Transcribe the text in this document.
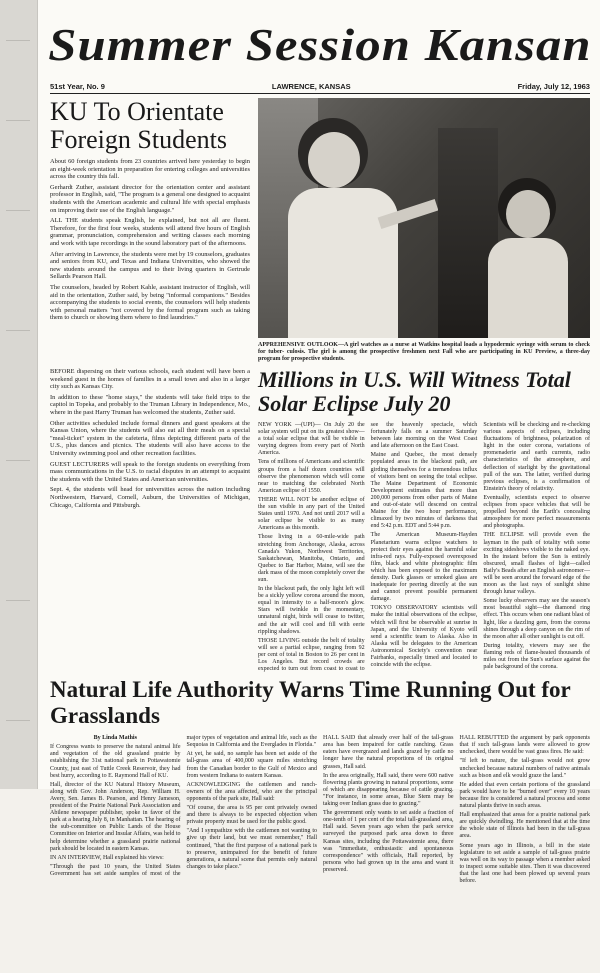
Summer Session Kansan
51st Year, No. 9	LAWRENCE, KANSAS	Friday, July 12, 1963
KU To Orientate Foreign Students

About 60 foreign students from 23 countries arrived here yesterday to begin an eight-week orientation in preparation for entering colleges and universities across the country this fall.

Gerhardt Zuther, assistant director for the orientation center and assistant professor in English, said, "The program is a general one designed to acquaint students with the American academic and cultural life with special emphasis on improving their use of the English language."

ALL THE students speak English, he explained, but not all are fluent. Therefore, for the first four weeks, students will attend five hours of English grammar, pronunciation, comprehension and writing classes each morning and work with tape recordings in the sound laboratory part of the afternoons.

After arriving in Lawrence, the students were met by 19 counselors, graduates and seniors from KU, and Texas and Indiana Universities, who showed the new students around the campus and to their living quarters in Gertrude Sellards Pearson Hall.

The counselors, headed by Robert Kahle, assistant instructor of English, will aid in the orientation, Zuther said, by being "informal companions." Besides accompanying the students to social events, the counselors will help students with personal matters "not covered by the formal program such as taking them to church or showing them where to find laundries."

APPREHENSIVE OUTLOOK—A girl watches as a nurse at Watkins hospital loads a hypodermic syringe with serum to check for tuber- culosis. The girl is among the prospective freshmen next Fall who are participating in KU Preview, a three-day program for prospective students.

BEFORE dispersing on their various schools, each student will have been a weekend guest in the homes of families in a small town and also in a larger city such as Kansas City.

In addition to these "home stays," the students will take field trips to the capitol in Topeka, and probably to the Truman Library in Independence, Mo., where in the past Harry Truman has welcomed the students, Zuther said.

Other activities scheduled include formal dinners and guest speakers at the Kansas Union, where the students will also eat all their meals on a special "meal-ticket" system in the cafeteria, films depicting different parts of the U.S., plus dances and picnics. The students will also have access to the University swimming pool and other recreation facilities.

GUEST LECTURERS will speak to the foreign students on everything from mass communications in the U.S. to racial disputes in an attempt to acquaint the students with the United States and American universities.

Sept. 4, the students will head for universities across the nation including Northwestern, Harvard, Cornell, Auburn, the Universities of Michigan, Chicago, California and Pittsburgh.

Millions in U.S. Will Witness Total Solar Eclipse July 20

NEW YORK —(UPI)— On July 20 the solar system will put on its greatest show—a total solar eclipse that will be visible in varying degrees from every part of North America.

Tens of millions of Americans and scientific groups from a half dozen countries will observe the phenomenon which will come near to matching the celebrated North American eclipse of 1550.

THERE WILL NOT be another eclipse of the sun visible in any part of the United States until 1970. And not until 2017 will a solar eclipse be visible to as many Americans as this month.

Those living in a 60-mile-wide path stretching from Anchorage, Alaska, across Canada's Yukon, Northwest Territories, Saskatchewan, Manitoba, Ontario, and Quebec to Bar Harbor, Maine, will see the dark mass of the moon completely cover the sun.

In the blackout path, the only light left will be a sickly yellow corona around the moon, equal in intensity to a half-moon's glow. Stars will twinkle in the momentary, unnatural night, birds will cease to twitter, and the air will cool and fill with eerie rippling shadows.

THOSE LIVING outside the belt of totality will see a partial eclipse, ranging from 92 per cent of total in Boston to 26 per cent in Los Angeles. But record crowds are expected to turn out from coast to coast to see the heavenly spectacle, which fortunately falls on a summer Saturday between late morning on the West Coast and late afternoon on the East Coast.

Maine and Quebec, the most densely populated areas in the blackout path, are girding themselves for a tremendous influx of visitors bent on seeing the total eclipse. The Maine Department of Economic Development estimates that more than 200,000 persons from other parts of Maine and out-of-state will descend on central Maine for the two hour performance, climaxed by two minutes of darkness that end 5:42 p.m. EDT and 5:44 p.m.

The American Museum-Hayden Planetarium warns eclipse watchers to protect their eyes against the harmful solar infra-red rays. Fully-exposed overexposed film, black and white photographic film which has been exposed to the maximum density. Dark glasses or smoked glass are inadequate for peering directly at the sun and cannot prevent possible permanent damage.

TOKYO OBSERVATORY scientists will make the initial observations of the eclipse, which will first be observable at sunrise in Japan, and the University of Kyoto will send a scientific team to Alaska. Also in Alaska will be delegates to the American Astronomical Society's convention near Fairbanks, especially timed and located to coincide with the eclipse.

Scientists will be checking and re-checking various aspects of eclipses, including fluctuations of brightness, polarization of light in the outer corona, variations of promenaderie and earth currents, radio characteristics of the atmosphere, and deflection of starlight by the gravitational pull of the sun. The latter, verified during previous eclipses, is a confirmation of Einstein's theory of relativity.

Eventually, scientists expect to observe eclipses from space vehicles that will be propelled beyond the Earth's concealing atmosphere for more perfect measurements and photographs.

THE ECLIPSE will provide even the layman in the path of totality with some exciting sideshows visible to the naked eye. In the instant before the Sun is entirely obscured, small flashes of light—called Baily's Beads after an English astronomer—will be seen around the forward edge of the moon as the last rays of sunlight shine through lunar valleys.

Some lucky observers may see the season's most beautiful sight—the diamond ring effect. This occurs when one radiant blast of light, like a dazzling gem, from the corona shines through a deep canyon on the rim of the moon after all other sunlight is cut off.

During totality, viewers may see the flaming reds of flame-heated thousands of miles out from the Sun's surface against the pale background of the corona.

Natural Life Authority Warns Time Running Out for Grasslands

By Linda Mathis

If Congress wants to preserve the natural animal life and vegetation of the old grassland prairie by establishing the 31st national park in Pottawatomie County, just east of Tuttle Creek Reservoir, they had best hurry, according to E. Raymond Hall of KU.

Hall, director of the KU Natural History Museum, along with Gov. John Anderson, Rep. William H. Avery, Sen. James B. Pearson, and Henry Jameson, president of the Prairie National Park Association and Abilene newspaper publisher, spoke in favor of the park at a hearing July 8, in Manhattan. The hearing of the sub-committee on Public Lands of the House Committee on Interior and Insular Affairs, was held to help determine whether a grassland prairie national park should be located in eastern Kansas.

IN AN INTERVIEW, Hall explained his views:

"Through the past 10 years, the United States Government has set aside samples of most of the major types of vegetation and animal life, such as the Sequoias in California and the Everglades in Florida."

At yet, he said, no sample has been set aside of the tall-grass area of 400,000 square miles stretching from the Canadian border to the Gulf of Mexico and from western Indiana to eastern Kansas.

ACKNOWLEDGING the cattlemen and ranch-owners of the area affected, who are the principal opponents of the park site, Hall said:

"Of course, the area is 95 per cent privately owned and there is always to be expected objection when private property must be used for the public good.

"And I sympathize with the cattlemen not wanting to give up their land, but we must remember," Hall continued, "that the first purpose of a national park is to preserve, unimpaired for the benefit of future generations, a natural scene that permits only natural changes to take place."

HALL SAID that already over half of the tall-grass area has been impaired for cattle ranching. Grass eaters have overgrazed and lands grazed by cattle no longer have the natural proportions of its original grasses, Hall said.

In the area originally, Hall said, there were 600 native flowering plants growing in natural proportions, some of which are disappearing because of cattle grazing. "For instance, in some areas, Blue Stem may be taking over Indian grass due to grazing."

The government only wants to set aside a fraction of one-tenth of 1 per cent of the total tall-grassland area, Hall said. Seven years ago when the park service surveyed the purposed park area down to three Kansas sites, including the Pottawatomie area, there was "immediate, enthusiastic and spontaneous correspondence" with officials, Hall reported, by persons who had grown up in the area and want it preserved.

HALL REBUTTED the argument by park opponents that if such tall-grass lands were allowed to grow unchecked, there would be vast grass fires. He said:

"If left to nature, the tall-grass would not grow unchecked because natural numbers of native animals such as bison and elk would graze the land."

He added that even certain portions of the grassland park would have to be "burned over" every 10 years because fire is considered a natural process and some natural plants thrive in such areas.

Hall emphasized that areas for a prairie national park are quickly dwindling. He mentioned that at the time the whole state of Illinois had been in the tall-grass area.

Some years ago in Illinois, a bill in the state legislature to set aside a sample of tall-grass prairie was well on its way to passage when a member asked to inspect some suitable sites. Then it was discovered that the last one had been plowed up several years before.
